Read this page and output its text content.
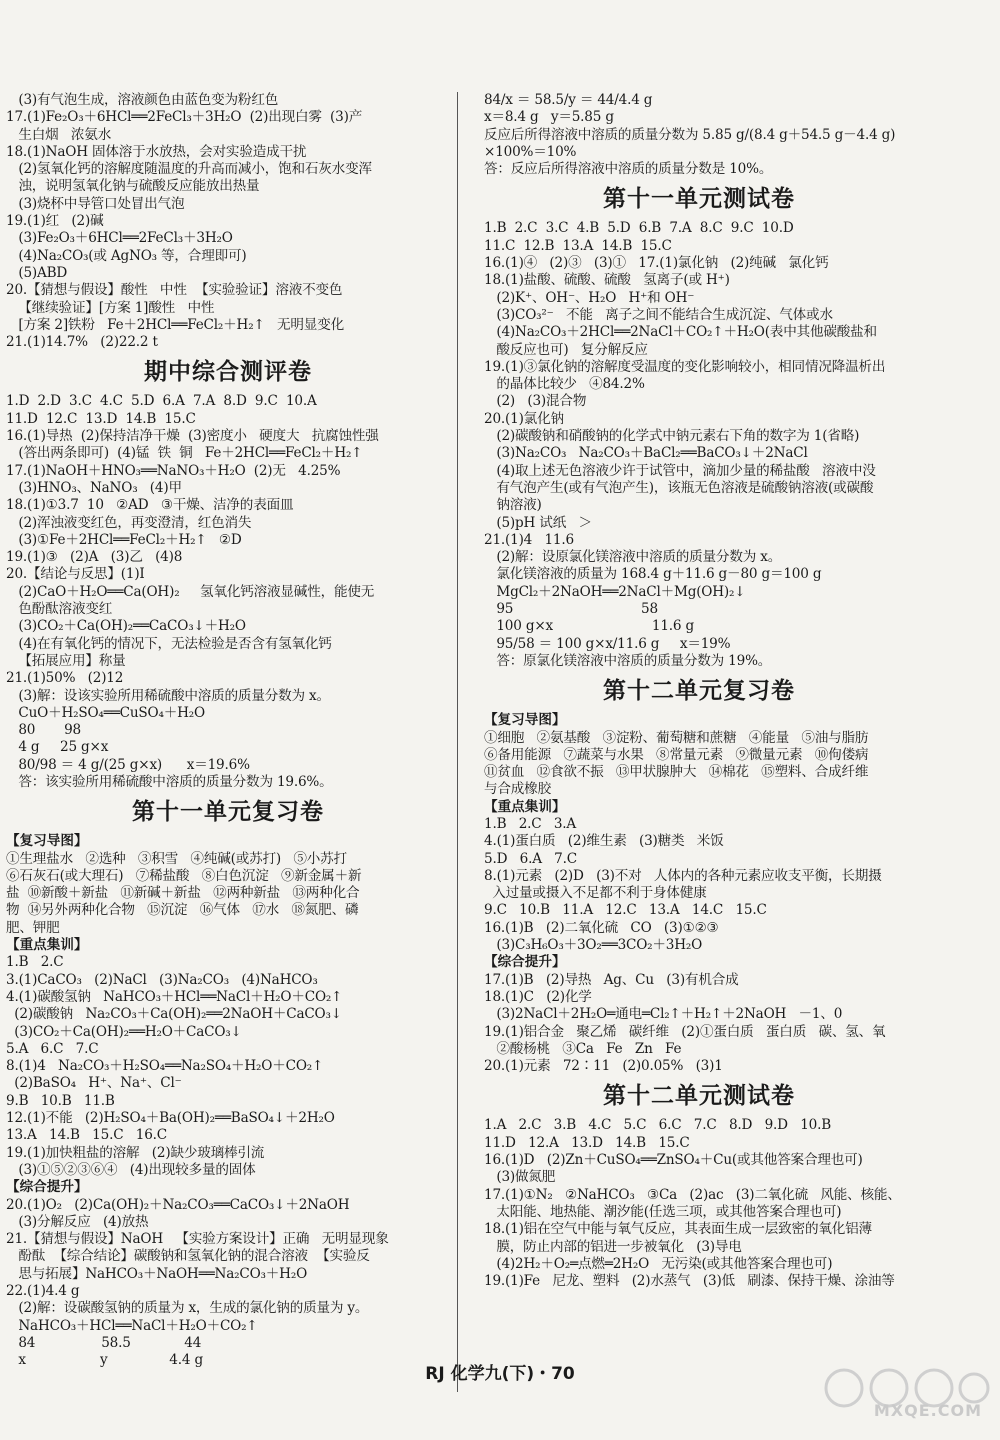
(3)有气泡生成，溶液颜色由蓝色变为粉红色
17.(1)Fe₂O₃＋6HCl══2FeCl₃＋3H₂O  (2)出现白雾  (3)产
生白烟   浓氨水
18.(1)NaOH 固体溶于水放热，会对实验造成干扰
(2)氢氧化钙的溶解度随温度的升高而减小，饱和石灰水变浑
浊，说明氢氧化钠与硫酸反应能放出热量
(3)烧杯中导管口处冒出气泡
19.(1)红   (2)碱
(3)Fe₂O₃＋6HCl══2FeCl₃＋3H₂O
(4)Na₂CO₃(或 AgNO₃ 等，合理即可)
(5)ABD
20.【猜想与假设】酸性   中性  【实验验证】溶液不变色
【继续验证】[方案 1]酸性   中性
[方案 2]铁粉   Fe＋2HCl══FeCl₂＋H₂↑   无明显变化
21.(1)14.7%   (2)22.2 t
期中综合测评卷
1.D  2.D  3.C  4.C  5.D  6.A  7.A  8.D  9.C  10.A
11.D  12.C  13.D  14.B  15.C
16.(1)导热  (2)保持洁净干燥  (3)密度小   硬度大   抗腐蚀性强
(答出两条即可)  (4)锰  铁  铜   Fe＋2HCl══FeCl₂＋H₂↑
17.(1)NaOH＋HNO₃══NaNO₃＋H₂O  (2)无   4.25%
(3)HNO₃、NaNO₃   (4)甲
18.(1)①3.7  10   ②AD   ③干燥、洁净的表面皿
(2)浑浊液变红色，再变澄清，红色消失
(3)①Fe＋2HCl══FeCl₂＋H₂↑   ②D
19.(1)③   (2)A   (3)乙   (4)8
20.【结论与反思】(1)Ⅰ
(2)CaO＋H₂O══Ca(OH)₂     氢氧化钙溶液显碱性，能使无
色酚酞溶液变红
(3)CO₂＋Ca(OH)₂══CaCO₃↓＋H₂O
(4)在有氧化钙的情况下，无法检验是否含有氢氧化钙
【拓展应用】称量
21.(1)50%   (2)12
(3)解：设该实验所用稀硫酸中溶质的质量分数为 x。
CuO＋H₂SO₄══CuSO₄＋H₂O
80       98
4 g     25 g×x
80/98 ＝ 4 g/(25 g×x)      x＝19.6%
答：该实验所用稀硫酸中溶质的质量分数为 19.6%。
第十一单元复习卷
【复习导图】
①生理盐水   ②选种   ③积雪   ④纯碱(或苏打)   ⑤小苏打
⑥石灰石(或大理石)   ⑦稀盐酸   ⑧白色沉淀   ⑨新金属＋新
盐  ⑩新酸＋新盐   ⑪新碱＋新盐   ⑫两种新盐   ⑬两种化合
物  ⑭另外两种化合物   ⑮沉淀   ⑯气体   ⑰水   ⑱氮肥、磷
肥、钾肥
【重点集训】
1.B   2.C
3.(1)CaCO₃   (2)NaCl   (3)Na₂CO₃   (4)NaHCO₃
4.(1)碳酸氢钠   NaHCO₃＋HCl══NaCl＋H₂O＋CO₂↑
(2)碳酸钠   Na₂CO₃＋Ca(OH)₂══2NaOH＋CaCO₃↓
(3)CO₂＋Ca(OH)₂══H₂O＋CaCO₃↓
5.A   6.C   7.C
8.(1)4   Na₂CO₃＋H₂SO₄══Na₂SO₄＋H₂O＋CO₂↑
(2)BaSO₄   H⁺、Na⁺、Cl⁻
9.B   10.B   11.B
12.(1)不能   (2)H₂SO₄＋Ba(OH)₂══BaSO₄↓＋2H₂O
13.A   14.B   15.C   16.C
19.(1)加快粗盐的溶解   (2)缺少玻璃棒引流
(3)①⑤②③⑥④   (4)出现较多量的固体
【综合提升】
20.(1)O₂   (2)Ca(OH)₂＋Na₂CO₃══CaCO₃↓＋2NaOH
(3)分解反应   (4)放热
21.【猜想与假设】NaOH   【实验方案设计】正确   无明显现象
酚酞  【综合结论】碳酸钠和氢氧化钠的混合溶液  【实验反
思与拓展】NaHCO₃＋NaOH══Na₂CO₃＋H₂O
22.(1)4.4 g
(2)解：设碳酸氢钠的质量为 x，生成的氯化钠的质量为 y。
NaHCO₃＋HCl══NaCl＋H₂O＋CO₂↑
84                58.5             44
x                  y               4.4 g
84/x ＝ 58.5/y ＝ 44/4.4 g
x＝8.4 g   y＝5.85 g
反应后所得溶液中溶质的质量分数为 5.85 g/(8.4 g＋54.5 g－4.4 g)
×100%＝10%
答：反应后所得溶液中溶质的质量分数是 10%。
第十一单元测试卷
1.B  2.C  3.C  4.B  5.D  6.B  7.A  8.C  9.C  10.D
11.C  12.B  13.A  14.B  15.C
16.(1)④   (2)③   (3)①   17.(1)氯化钠   (2)纯碱   氯化钙
18.(1)盐酸、硫酸、硫酸   氢离子(或 H⁺)
(2)K⁺、OH⁻、H₂O   H⁺和 OH⁻
(3)CO₃²⁻   不能   离子之间不能结合生成沉淀、气体或水
(4)Na₂CO₃＋2HCl══2NaCl＋CO₂↑＋H₂O(表中其他碳酸盐和
酸反应也可)   复分解反应
19.(1)③氯化钠的溶解度受温度的变化影响较小，相同情况降温析出
的晶体比较少   ④84.2%
(2)   (3)混合物
20.(1)氯化钠
(2)碳酸钠和硝酸钠的化学式中钠元素右下角的数字为 1(省略)
(3)Na₂CO₃   Na₂CO₃＋BaCl₂══BaCO₃↓＋2NaCl
(4)取上述无色溶液少许于试管中，滴加少量的稀盐酸   溶液中没
有气泡产生(或有气泡产生)，该瓶无色溶液是硫酸钠溶液(或碳酸
钠溶液)
(5)pH 试纸   ＞
21.(1)4   11.6
(2)解：设原氯化镁溶液中溶质的质量分数为 x。
氯化镁溶液的质量为 168.4 g＋11.6 g－80 g＝100 g
MgCl₂＋2NaOH══2NaCl＋Mg(OH)₂↓
95                               58
100 g×x                        11.6 g
95/58 ＝ 100 g×x/11.6 g     x＝19%
答：原氯化镁溶液中溶质的质量分数为 19%。
第十二单元复习卷
【复习导图】
①细胞   ②氨基酸   ③淀粉、葡萄糖和蔗糖   ④能量   ⑤油与脂肪
⑥备用能源   ⑦蔬菜与水果   ⑧常量元素   ⑨微量元素   ⑩佝偻病
⑪贫血   ⑫食欲不振   ⑬甲状腺肿大   ⑭棉花   ⑮塑料、合成纤维
与合成橡胶
【重点集训】
1.B   2.C   3.A
4.(1)蛋白质   (2)维生素   (3)糖类   米饭
5.D   6.A   7.C
8.(1)元素   (2)D   (3)不对   人体内的各种元素应收支平衡，长期摄
入过量或摄入不足都不利于身体健康
9.C   10.B   11.A   12.C   13.A   14.C   15.C
16.(1)B   (2)二氧化硫   CO   (3)①②③
(3)C₃H₆O₃＋3O₂══3CO₂＋3H₂O
【综合提升】
17.(1)B   (2)导热   Ag、Cu   (3)有机合成
18.(1)C   (2)化学
(3)2NaCl＋2H₂O═通电═Cl₂↑＋H₂↑＋2NaOH   －1、0
19.(1)铝合金   聚乙烯   碳纤维   (2)①蛋白质   蛋白质   碳、氢、氧
②酸杨桃   ③Ca   Fe   Zn   Fe
20.(1)元素   72∶11   (2)0.05%   (3)1
第十二单元测试卷
1.A   2.C   3.B   4.C   5.C   6.C   7.C   8.D   9.D   10.B
11.D   12.A   13.D   14.B   15.C
16.(1)D   (2)Zn＋CuSO₄══ZnSO₄＋Cu(或其他答案合理也可)
(3)做氮肥
17.(1)①N₂   ②NaHCO₃   ③Ca   (2)ac   (3)二氧化硫   风能、核能、
太阳能、地热能、潮汐能(任选三项，或其他答案合理也可)
18.(1)铝在空气中能与氧气反应，其表面生成一层致密的氧化铝薄
膜，防止内部的铝进一步被氧化   (3)导电
(4)2H₂＋O₂═点燃═2H₂O   无污染(或其他答案合理也可)
19.(1)Fe   尼龙、塑料   (2)水蒸气   (3)低   刷漆、保持干燥、涂油等
RJ 化学九(下)・70
MXQE.COM
